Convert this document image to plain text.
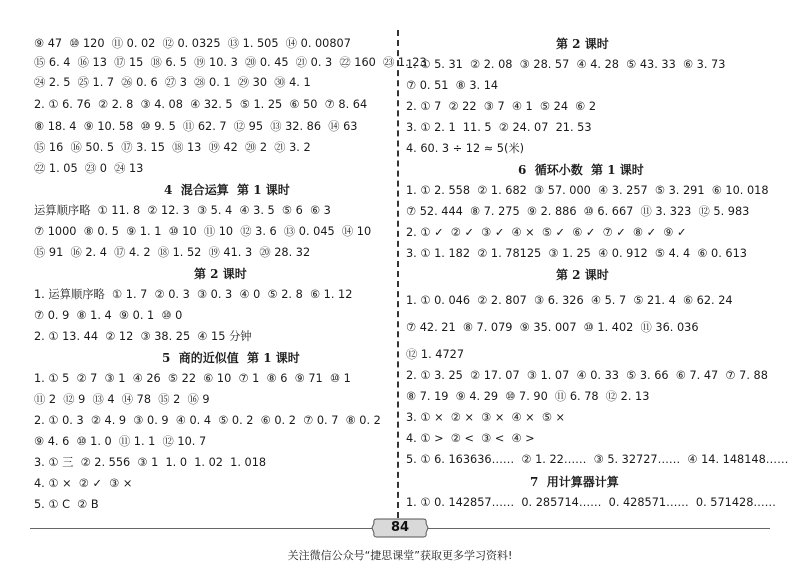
⑨ 47  ⑩ 120  ⑪ 0. 02  ⑫ 0. 0325  ⑬ 1. 505  ⑭ 0. 00807
⑮ 6. 4  ⑯ 13  ⑰ 15  ⑱ 6. 5  ⑲ 10. 3  ⑳ 0. 45  ㉑ 0. 3  ㉒ 160  ㉓ 1. 23
㉔ 2. 5  ㉕ 1. 7  ㉖ 0. 6  ㉗ 3  ㉘ 0. 1  ㉙ 30  ㉚ 4. 1
2. ① 6. 76  ② 2. 8  ③ 4. 08  ④ 32. 5  ⑤ 1. 25  ⑥ 50  ⑦ 8. 64
⑧ 18. 4  ⑨ 10. 58  ⑩ 9. 5  ⑪ 62. 7  ⑫ 95  ⑬ 32. 86  ⑭ 63
⑮ 16  ⑯ 50. 5  ⑰ 3. 15  ⑱ 13  ⑲ 42  ⑳ 2  ㉑ 3. 2
㉒ 1. 05  ㉓ 0  ㉔ 13
4  混合运算  第 1 课时
运算顺序略  ① 11. 8  ② 12. 3  ③ 5. 4  ④ 3. 5  ⑤ 6  ⑥ 3
⑦ 1000  ⑧ 0. 5  ⑨ 1. 1  ⑩ 10  ⑪ 10  ⑫ 3. 6  ⑬ 0. 045  ⑭ 10
⑮ 91  ⑯ 2. 4  ⑰ 4. 2  ⑱ 1. 52  ⑲ 41. 3  ⑳ 28. 32
第 2 课时
1. 运算顺序略  ① 1. 7  ② 0. 3  ③ 0. 3  ④ 0  ⑤ 2. 8  ⑥ 1. 12
⑦ 0. 9  ⑧ 1. 4  ⑨ 0. 1  ⑩ 0
2. ① 13. 44  ② 12  ③ 38. 25  ④ 15 分钟
5  商的近似值  第 1 课时
1. ① 5  ② 7  ③ 1  ④ 26  ⑤ 22  ⑥ 10  ⑦ 1  ⑧ 6  ⑨ 71  ⑩ 1
⑪ 2  ⑫ 9  ⑬ 4  ⑭ 78  ⑮ 2  ⑯ 9
2. ① 0. 3  ② 4. 9  ③ 0. 9  ④ 0. 4  ⑤ 0. 2  ⑥ 0. 2  ⑦ 0. 7  ⑧ 0. 2
⑨ 4. 6  ⑩ 1. 0  ⑪ 1. 1  ⑫ 10. 7
3. ① 三  ② 2. 556  ③ 1  1. 0  1. 02  1. 018
4. ① ×  ② ✓  ③ ×
5. ① C  ② B
第 2 课时
1. ① 5. 31  ② 2. 08  ③ 28. 57  ④ 4. 28  ⑤ 43. 33  ⑥ 3. 73
⑦ 0. 51  ⑧ 3. 14
2. ① 7  ② 22  ③ 7  ④ 1  ⑤ 24  ⑥ 2
3. ① 2. 1  11. 5  ② 24. 07  21. 53
4. 60. 3 ÷ 12 ≈ 5(米)
6  循环小数  第 1 课时
1. ① 2. 558  ② 1. 682  ③ 57. 000  ④ 3. 257  ⑤ 3. 291  ⑥ 10. 018
⑦ 52. 444  ⑧ 7. 275  ⑨ 2. 886  ⑩ 6. 667  ⑪ 3. 323  ⑫ 5. 983
2. ① ✓  ② ✓  ③ ✓  ④ ×  ⑤ ✓  ⑥ ✓  ⑦ ✓  ⑧ ✓  ⑨ ✓
3. ① 1. 182  ② 1. 78125  ③ 1. 25  ④ 0. 912  ⑤ 4. 4  ⑥ 0. 613
第 2 课时
1. ① 0. 046  ② 2. 807  ③ 6. 326  ④ 5. 7  ⑤ 21. 4  ⑥ 62. 24
⑦ 42. 21  ⑧ 7. 079  ⑨ 35. 007  ⑩ 1. 402  ⑪ 36. 036
⑫ 1. 4727
2. ① 3. 25  ② 17. 07  ③ 1. 07  ④ 0. 33  ⑤ 3. 66  ⑥ 7. 47  ⑦ 7. 88
⑧ 7. 19  ⑨ 4. 29  ⑩ 7. 90  ⑪ 6. 78  ⑫ 2. 13
3. ① ×  ② ×  ③ ×  ④ ×  ⑤ ×
4. ① >  ② <  ③ <  ④ >
5. ① 6. 163636……  ② 1. 22……  ③ 5. 32727……  ④ 14. 148148……
7  用计算器计算
1. ① 0. 142857……  0. 285714……  0. 428571……  0. 571428……
84
关注微信公众号“捷思课堂”获取更多学习资料!
